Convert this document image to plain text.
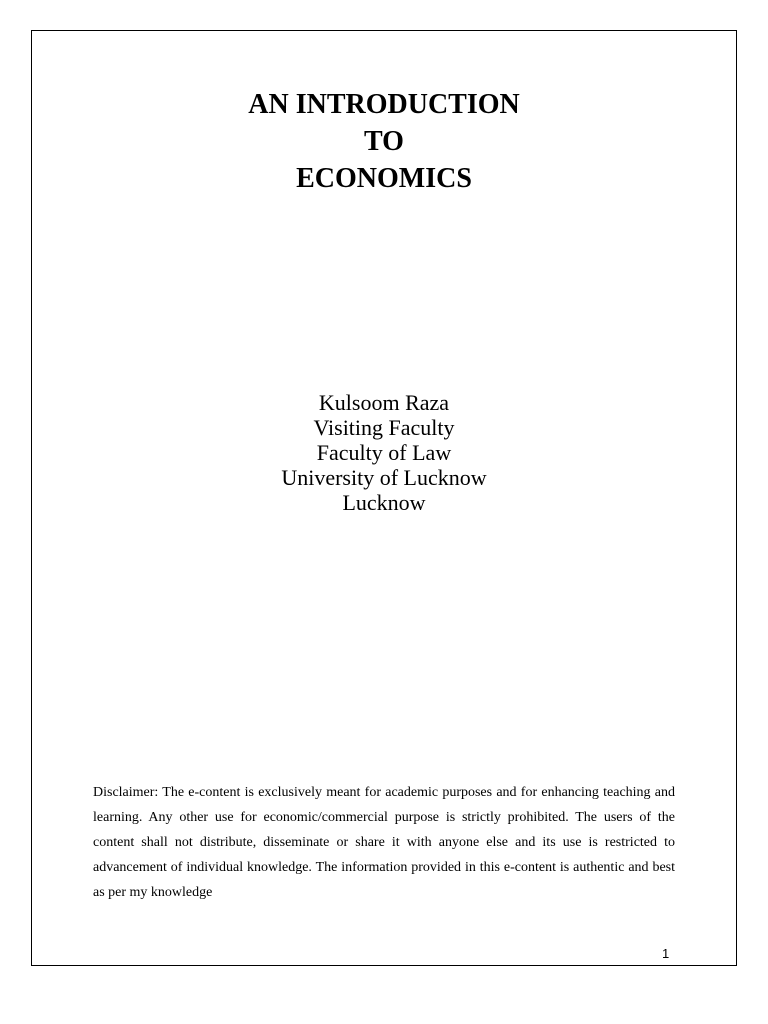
AN INTRODUCTION

TO

ECONOMICS

Kulsoom Raza

Visiting Faculty

Faculty of Law

University of Lucknow

Lucknow

Disclaimer: The e-content is exclusively meant for academic purposes and for enhancing teaching and learning. Any other use for economic/commercial purpose is strictly prohibited. The users of the content shall not distribute, disseminate or share it with anyone else and its use is restricted to advancement of individual knowledge. The information provided in this e-content is authentic and best as per my knowledge

1
